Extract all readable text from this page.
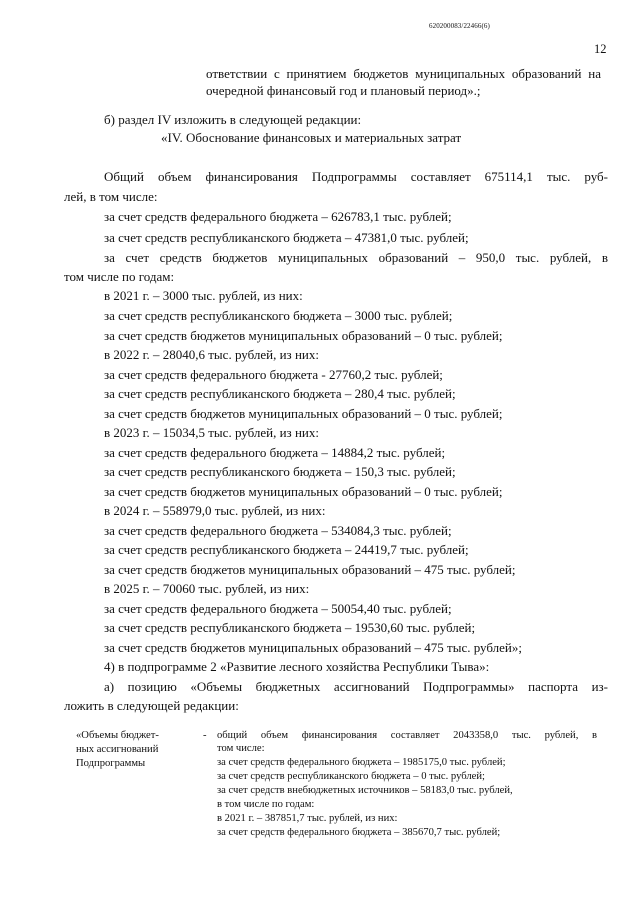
620200083/22466(6)
12
ответствии с принятием бюджетов муниципальных образований на
очередной финансовый год и плановый период».;
б) раздел IV изложить в следующей редакции:
«IV. Обоснование финансовых и материальных затрат
Общий объем финансирования Подпрограммы составляет 675114,1 тыс. руб-
лей, в том числе:
за счет средств федерального бюджета – 626783,1 тыс. рублей;
за счет средств республиканского бюджета – 47381,0 тыс. рублей;
за счет средств бюджетов муниципальных образований – 950,0 тыс. рублей, в
том числе по годам:
в 2021 г. – 3000 тыс. рублей, из них:
за счет средств республиканского бюджета – 3000 тыс. рублей;
за счет средств бюджетов муниципальных образований – 0 тыс. рублей;
в 2022 г. – 28040,6 тыс. рублей, из них:
за счет средств федерального бюджета - 27760,2 тыс. рублей;
за счет средств республиканского бюджета – 280,4 тыс. рублей;
за счет средств бюджетов муниципальных образований – 0 тыс. рублей;
в 2023 г. – 15034,5 тыс. рублей, из них:
за счет средств федерального бюджета – 14884,2 тыс. рублей;
за счет средств республиканского бюджета – 150,3 тыс. рублей;
за счет средств бюджетов муниципальных образований – 0 тыс. рублей;
в 2024 г. – 558979,0 тыс. рублей, из них:
за счет средств федерального бюджета – 534084,3 тыс. рублей;
за счет средств республиканского бюджета – 24419,7 тыс. рублей;
за счет средств бюджетов муниципальных образований – 475 тыс. рублей;
в 2025 г. – 70060 тыс. рублей, из них:
за счет средств федерального бюджета – 50054,40 тыс. рублей;
за счет средств республиканского бюджета – 19530,60 тыс. рублей;
за счет средств бюджетов муниципальных образований – 475 тыс. рублей»;
4) в подпрограмме 2 «Развитие лесного хозяйства Республики Тыва»:
а) позицию «Объемы бюджетных ассигнований Подпрограммы» паспорта из-
ложить в следующей редакции:
«Объемы бюджет-
ных ассигнований
Подпрограммы
- общий объем финансирования составляет 2043358,0 тыс. рублей, в
том числе:
за счет средств федерального бюджета – 1985175,0 тыс. рублей;
за счет средств республиканского бюджета – 0 тыс. рублей;
за счет средств внебюджетных источников – 58183,0 тыс. рублей,
в том числе по годам:
в 2021 г. – 387851,7 тыс. рублей, из них:
за счет средств федерального бюджета – 385670,7 тыс. рублей;
